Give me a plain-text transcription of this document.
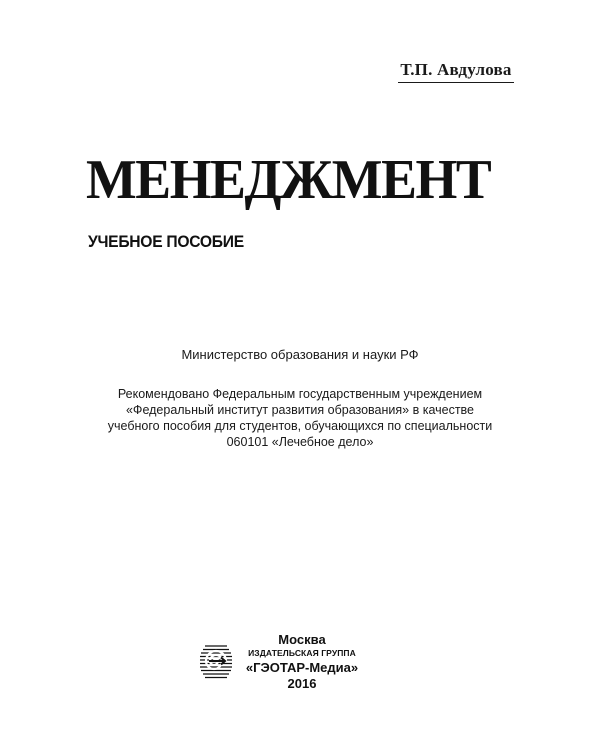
Т.П. Авдулова
МЕНЕДЖМЕНТ
УЧЕБНОЕ ПОСОБИЕ
Министерство образования и науки РФ
Рекомендовано Федеральным государственным учреждением
«Федеральный институт развития образования» в качестве
учебного пособия для студентов, обучающихся по специальности
060101 «Лечебное дело»
Москва
ИЗДАТЕЛЬСКАЯ ГРУППА
«ГЭОТАР-Медиа»
2016
